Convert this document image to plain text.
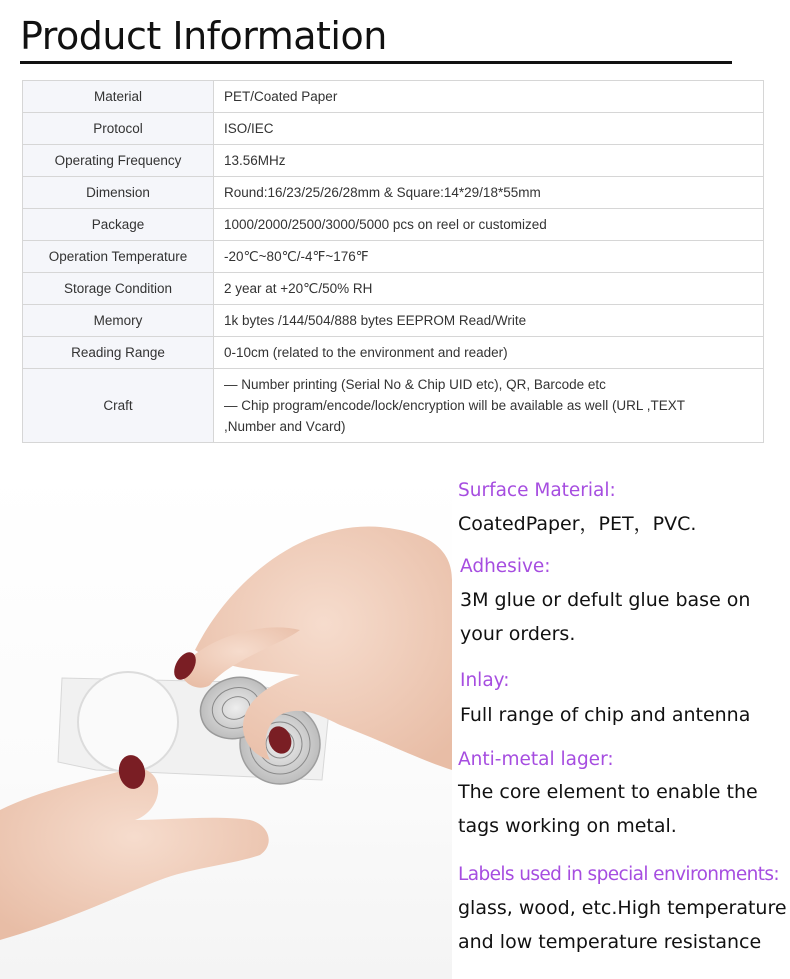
Product Information
Material	PET/Coated Paper

Protocol	ISO/IEC

Operating Frequency	13.56MHz

Dimension	Round:16/23/25/26/28mm & Square:14*29/18*55mm

Package	1000/2000/2500/3000/5000 pcs on reel or customized

Operation Temperature	-20℃~80℃/-4℉~176℉

Storage Condition	2 year at +20℃/50% RH

Memory	1k bytes /144/504/888 bytes EEPROM Read/Write

Reading Range	0-10cm (related to the environment and reader)

Craft	— Number printing (Serial No & Chip UID etc), QR, Barcode etc
— Chip program/encode/lock/encryption will be available as well (URL ,TEXT
,Number and Vcard)
Surface Material:
CoatedPaper，PET，PVC.
Adhesive:
3M glue or defult glue base on
your orders.
Inlay:
Full range of chip and antenna
Anti-metal lager:
The core element to enable the
tags working on metal.
Labels used in special environments:
glass, wood, etc.High temperature
and low temperature resistance
